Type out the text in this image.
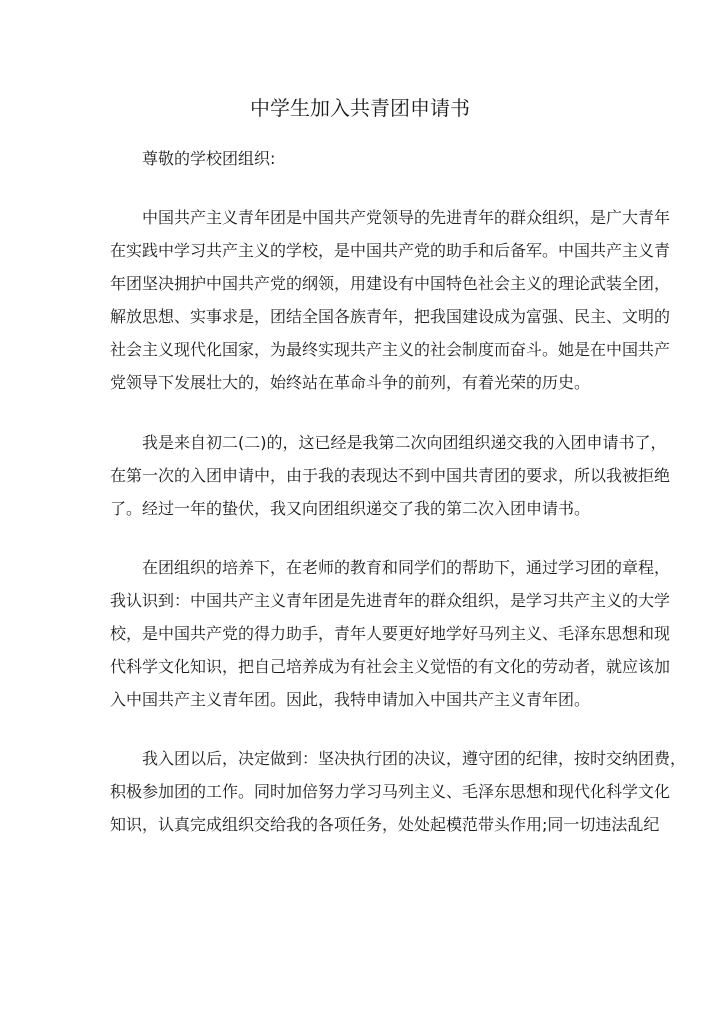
中学生加入共青团申请书
尊敬的学校团组织:
中国共产主义青年团是中国共产党领导的先进青年的群众组织，是广大青年
在实践中学习共产主义的学校，是中国共产党的助手和后备军。中国共产主义青
年团坚决拥护中国共产党的纲领，用建设有中国特色社会主义的理论武装全团，
解放思想、实事求是，团结全国各族青年，把我国建设成为富强、民主、文明的
社会主义现代化国家，为最终实现共产主义的社会制度而奋斗。她是在中国共产
党领导下发展壮大的，始终站在革命斗争的前列，有着光荣的历史。
我是来自初二(二)的，这已经是我第二次向团组织递交我的入团申请书了，
在第一次的入团申请中，由于我的表现达不到中国共青团的要求，所以我被拒绝
了。经过一年的蛰伏，我又向团组织递交了我的第二次入团申请书。
在团组织的培养下，在老师的教育和同学们的帮助下，通过学习团的章程，
我认识到：中国共产主义青年团是先进青年的群众组织，是学习共产主义的大学
校，是中国共产党的得力助手，青年人要更好地学好马列主义、毛泽东思想和现
代科学文化知识，把自己培养成为有社会主义觉悟的有文化的劳动者，就应该加
入中国共产主义青年团。因此，我特申请加入中国共产主义青年团。
我入团以后，决定做到：坚决执行团的决议，遵守团的纪律，按时交纳团费，
积极参加团的工作。同时加倍努力学习马列主义、毛泽东思想和现代化科学文化
知识，认真完成组织交给我的各项任务，处处起模范带头作用;同一切违法乱纪
